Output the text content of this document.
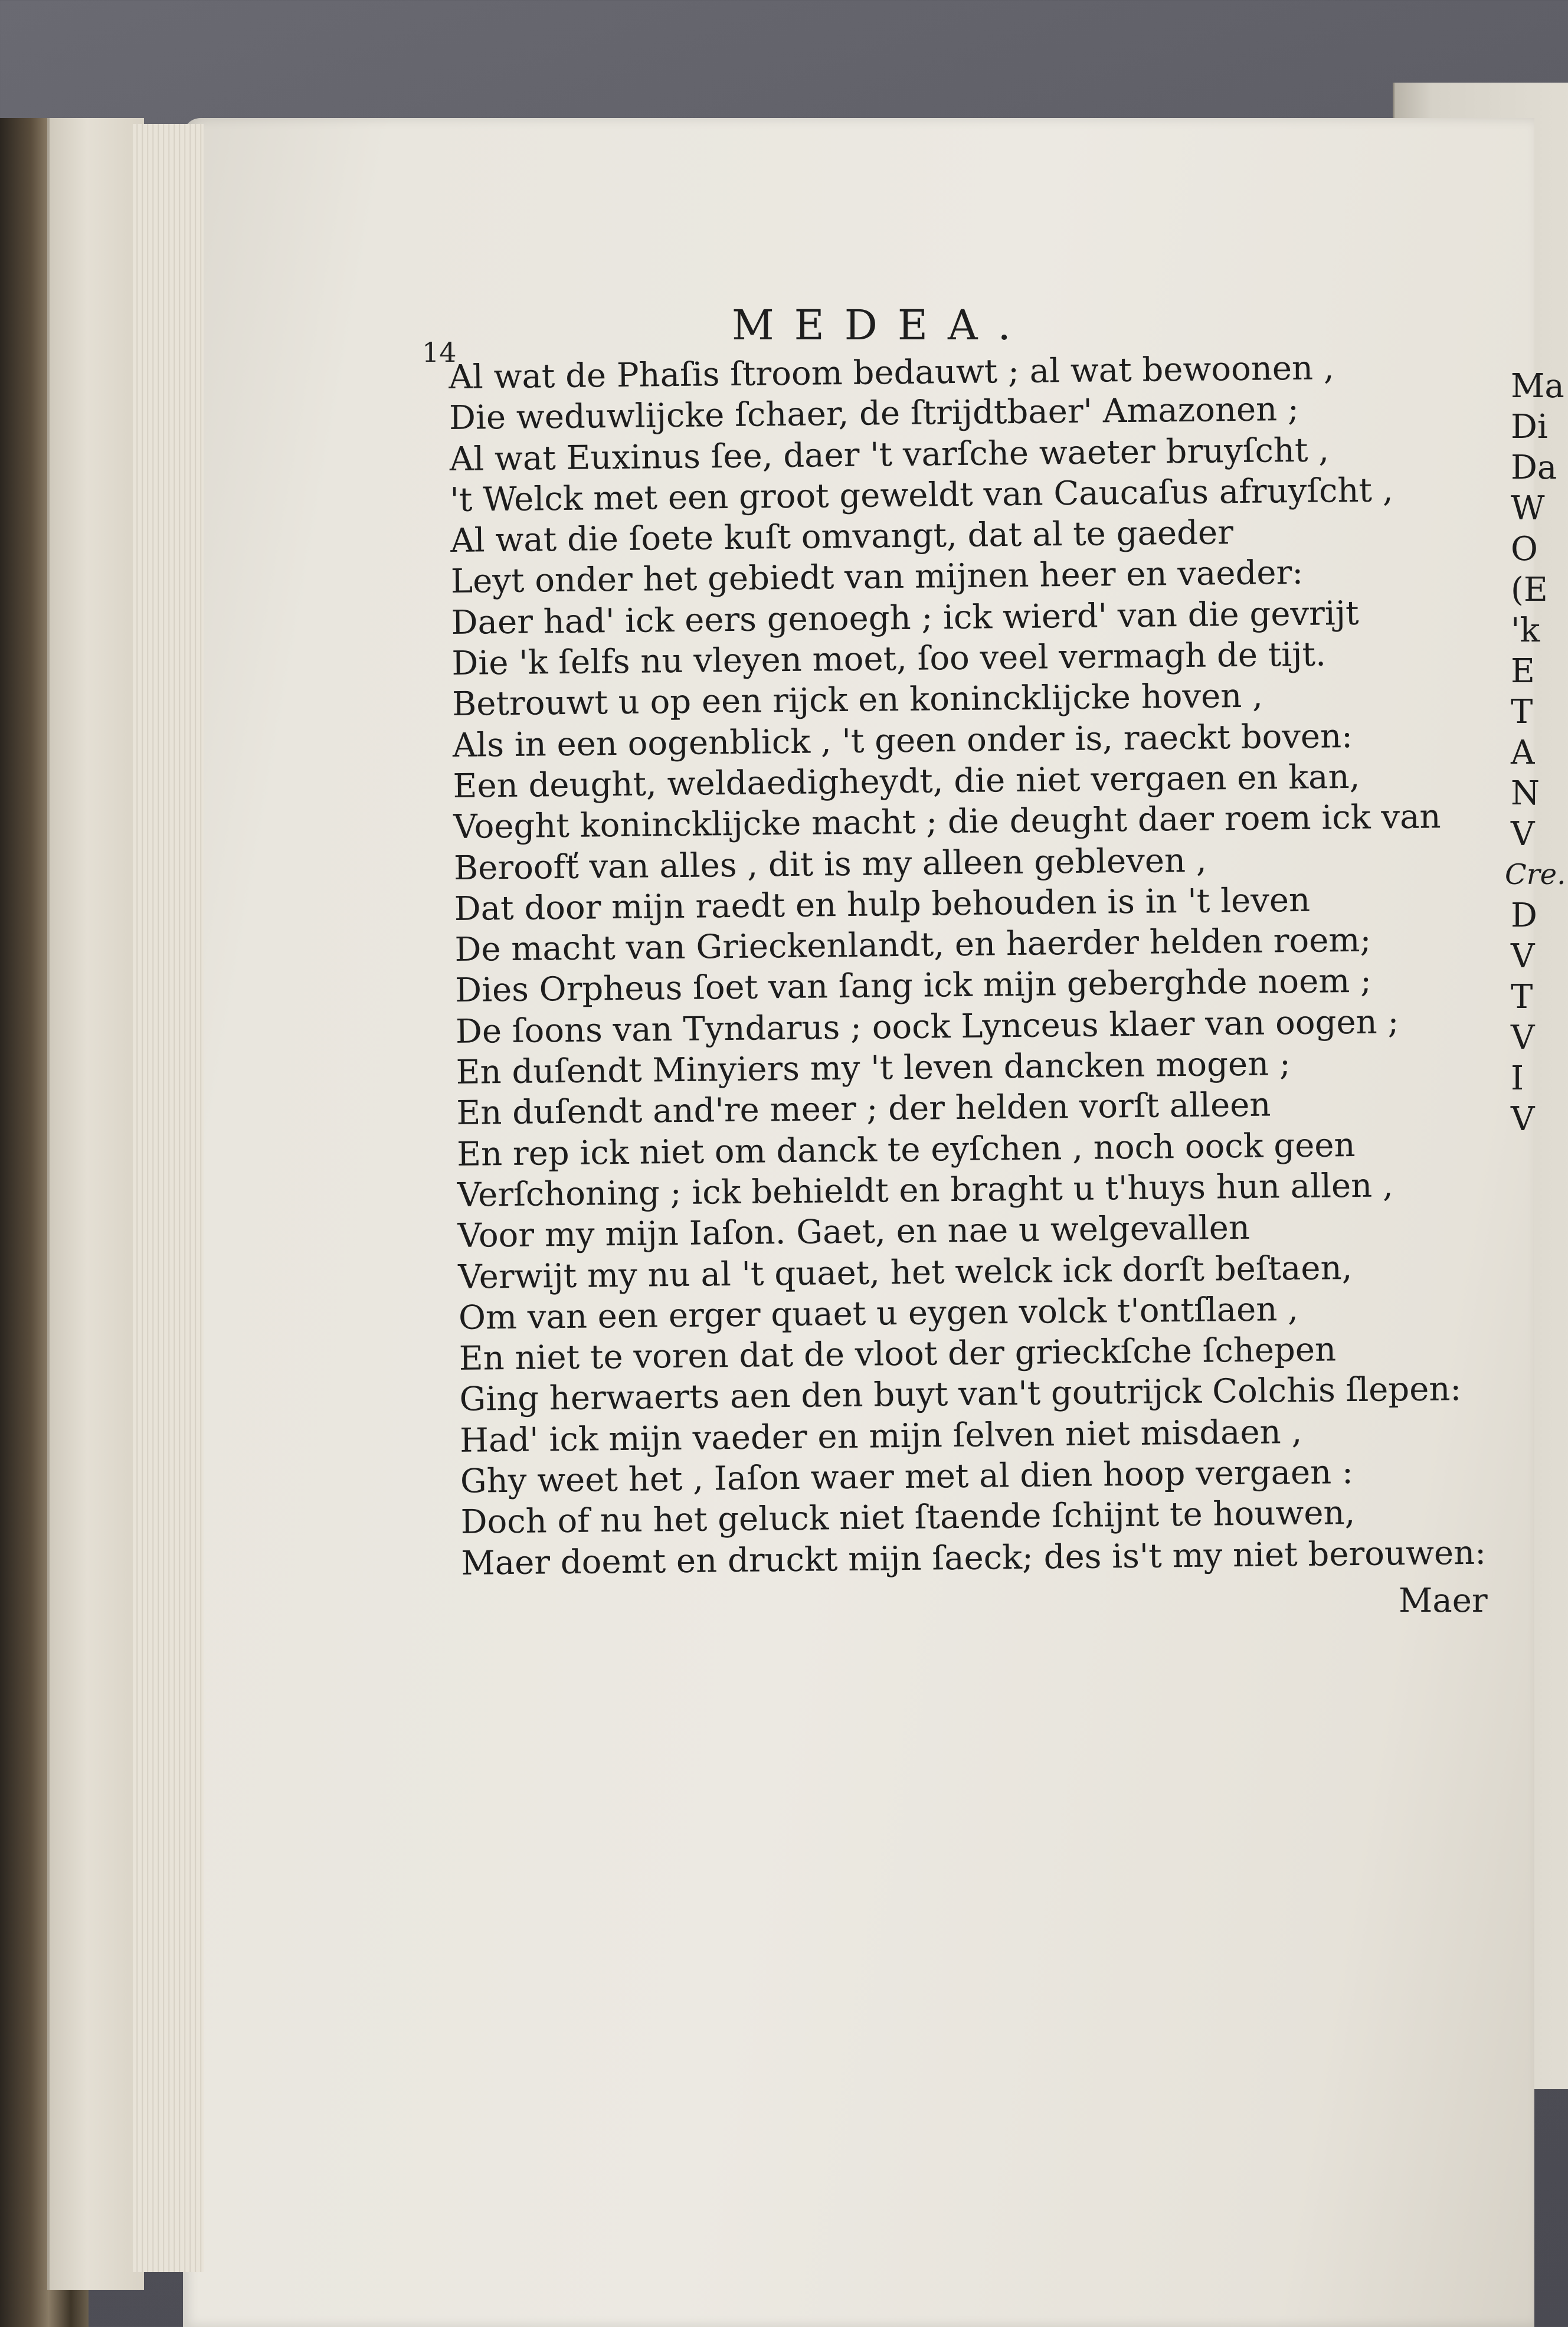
14
MEDEA.
Al wat de Phaſis ſtroom bedauwt ; al wat bewoonen ,
Die weduwlijcke ſchaer, de ſtrijdtbaer' Amazonen ;
Al wat Euxinus ſee, daer 't varſche waeter bruyſcht ,
't Welck met een groot geweldt van Caucaſus afruyſcht ,
Al wat die ſoete kuſt omvangt, dat al te gaeder
Leyt onder het gebiedt van mijnen heer en vaeder:
Daer had' ick eers genoegh ; ick wierd' van die gevrijt
Die 'k ſelfs nu vleyen moet, ſoo veel vermagh de tijt.
Betrouwt u op een rijck en konincklijcke hoven ,
Als in een oogenblick , 't geen onder is, raeckt boven:
Een deught, weldaedigheydt, die niet vergaen en kan,
Voeght konincklijcke macht ; die deught daer roem ick van
Beroofť van alles , dit is my alleen gebleven ,
Dat door mijn raedt en hulp behouden is in 't leven
De macht van Grieckenlandt, en haerder helden roem;
Dies Orpheus ſoet van ſang ick mijn geberghde noem ;
De ſoons van Tyndarus ; oock Lynceus klaer van oogen ;
En duſendt Minyiers my 't leven dancken mogen ;
En duſendt and're meer ; der helden vorſt alleen
En rep ick niet om danck te eyſchen , noch oock geen
Verſchoning ; ick behieldt en braght u t'huys hun allen ,
Voor my mijn Iaſon. Gaet, en nae u welgevallen
Verwijt my nu al 't quaet, het welck ick dorſt beſtaen,
Om van een erger quaet u eygen volck t'ontſlaen ,
En niet te voren dat de vloot der grieckſche ſchepen
Ging herwaerts aen den buyt van't goutrijck Colchis ſlepen:
Had' ick mijn vaeder en mijn ſelven niet misdaen ,
Ghy weet het , Iaſon waer met al dien hoop vergaen :
Doch of nu het geluck niet ſtaende ſchijnt te houwen,
Maer doemt en druckt mijn ſaeck; des is't my niet berouwen:
Maer
Ma
Di
Da
W
O
(E
'k
E
T
A
N
V
Cre.
D
V
T
V
I
V
